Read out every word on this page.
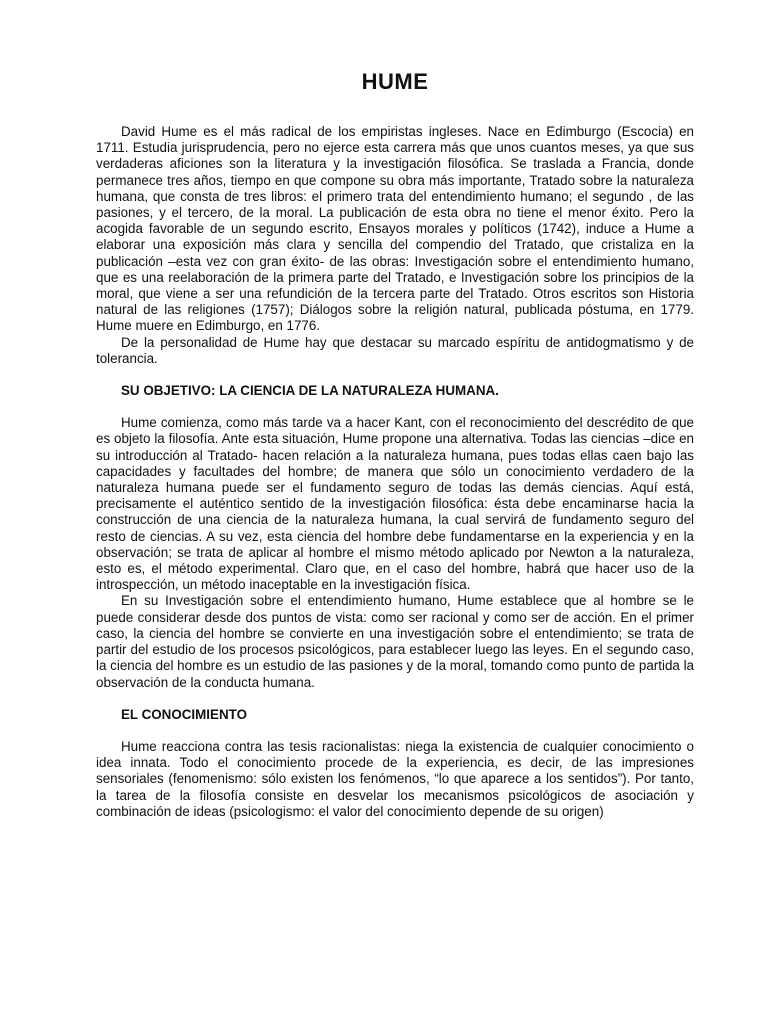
HUME

David Hume es el más radical de los empiristas ingleses. Nace en Edimburgo (Escocia) en 1711. Estudia jurisprudencia, pero no ejerce esta carrera más que unos cuantos meses, ya que sus verdaderas aficiones son la literatura y la investigación filosófica. Se traslada a Francia, donde permanece tres años, tiempo en que compone su obra más importante, Tratado sobre la naturaleza humana, que consta de tres libros: el primero trata del entendimiento humano; el segundo , de las pasiones, y el tercero, de la moral. La publicación de esta obra no tiene el menor éxito. Pero la acogida favorable de un segundo escrito, Ensayos morales y políticos (1742), induce a Hume a elaborar una exposición más clara y sencilla del compendio del Tratado, que cristaliza en la publicación –esta vez con gran éxito- de las obras: Investigación sobre el entendimiento humano, que es una reelaboración de la primera parte del Tratado, e Investigación sobre los principios de la moral, que viene a ser una refundición de la tercera parte del Tratado. Otros escritos son Historia natural de las religiones (1757); Diálogos sobre la religión natural, publicada póstuma, en 1779. Hume muere en Edimburgo, en 1776.

De la personalidad de Hume hay que destacar su marcado espíritu de antidogmatismo y de tolerancia.

SU OBJETIVO: LA CIENCIA DE LA NATURALEZA HUMANA.

Hume comienza, como más tarde va a hacer Kant, con el reconocimiento del descrédito de que es objeto la filosofía. Ante esta situación, Hume propone una alternativa. Todas las ciencias –dice en su introducción al Tratado- hacen relación a la naturaleza humana, pues todas ellas caen bajo las capacidades y facultades del hombre; de manera que sólo un conocimiento verdadero de la naturaleza humana puede ser el fundamento seguro de todas las demás ciencias. Aquí está, precisamente el auténtico sentido de la investigación filosófica: ésta debe encaminarse hacia la construcción de una ciencia de la naturaleza humana, la cual servirá de fundamento seguro del resto de ciencias. A su vez, esta ciencia del hombre debe fundamentarse en la experiencia y en la observación; se trata de aplicar al hombre el mismo método aplicado por Newton a la naturaleza, esto es, el método experimental. Claro que, en el caso del hombre, habrá que hacer uso de la introspección, un método inaceptable en la investigación física.

En su Investigación sobre el entendimiento humano, Hume establece que al hombre se le puede considerar desde dos puntos de vista: como ser racional y como ser de acción. En el primer caso, la ciencia del hombre se convierte en una investigación sobre el entendimiento; se trata de partir del estudio de los procesos psicológicos, para establecer luego las leyes. En el segundo caso, la ciencia del hombre es un estudio de las pasiones y de la moral, tomando como punto de partida la observación de la conducta humana.

EL CONOCIMIENTO

Hume reacciona contra las tesis racionalistas: niega la existencia de cualquier conocimiento o idea innata. Todo el conocimiento procede de la experiencia, es decir, de las impresiones sensoriales (fenomenismo: sólo existen los fenómenos, “lo que aparece a los sentidos”). Por tanto, la tarea de la filosofía consiste en desvelar los mecanismos psicológicos de asociación y combinación de ideas (psicologismo: el valor del conocimiento depende de su origen)
